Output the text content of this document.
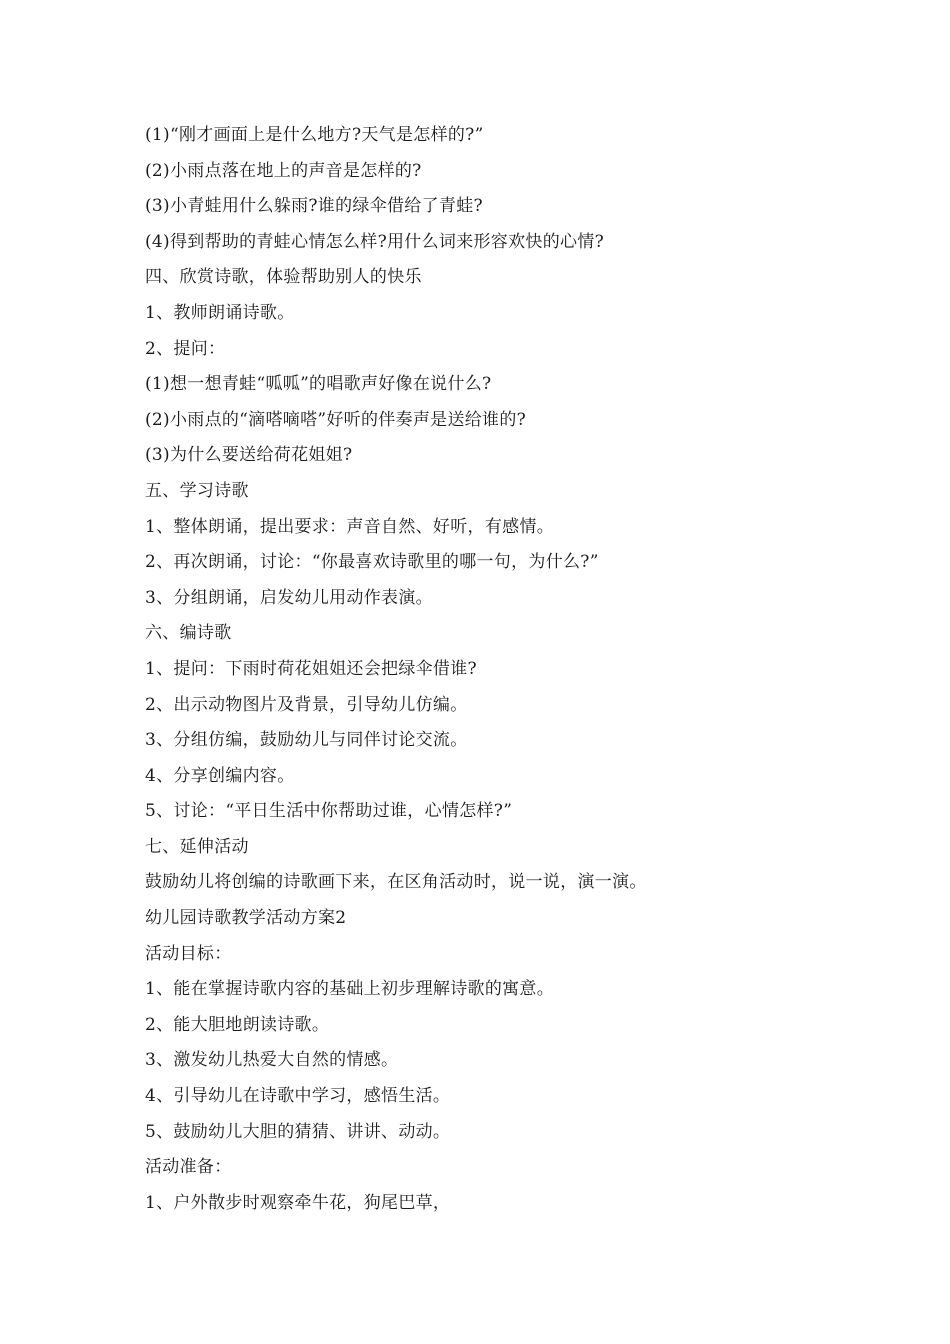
(1)“刚才画面上是什么地方?天气是怎样的?”
(2)小雨点落在地上的声音是怎样的?
(3)小青蛙用什么躲雨?谁的绿伞借给了青蛙?
(4)得到帮助的青蛙心情怎么样?用什么词来形容欢快的心情?
四、欣赏诗歌，体验帮助别人的快乐
1、教师朗诵诗歌。
2、提问：
(1)想一想青蛙“呱呱”的唱歌声好像在说什么?
(2)小雨点的“滴嗒嘀嗒”好听的伴奏声是送给谁的?
(3)为什么要送给荷花姐姐?
五、学习诗歌
1、整体朗诵，提出要求：声音自然、好听，有感情。
2、再次朗诵，讨论：“你最喜欢诗歌里的哪一句，为什么?”
3、分组朗诵，启发幼儿用动作表演。
六、编诗歌
1、提问：下雨时荷花姐姐还会把绿伞借谁?
2、出示动物图片及背景，引导幼儿仿编。
3、分组仿编，鼓励幼儿与同伴讨论交流。
4、分享创编内容。
5、讨论：“平日生活中你帮助过谁，心情怎样?”
七、延伸活动
鼓励幼儿将创编的诗歌画下来，在区角活动时，说一说，演一演。
幼儿园诗歌教学活动方案2
活动目标：
1、能在掌握诗歌内容的基础上初步理解诗歌的寓意。
2、能大胆地朗读诗歌。
3、激发幼儿热爱大自然的情感。
4、引导幼儿在诗歌中学习，感悟生活。
5、鼓励幼儿大胆的猜猜、讲讲、动动。
活动准备：
1、户外散步时观察牵牛花，狗尾巴草，
